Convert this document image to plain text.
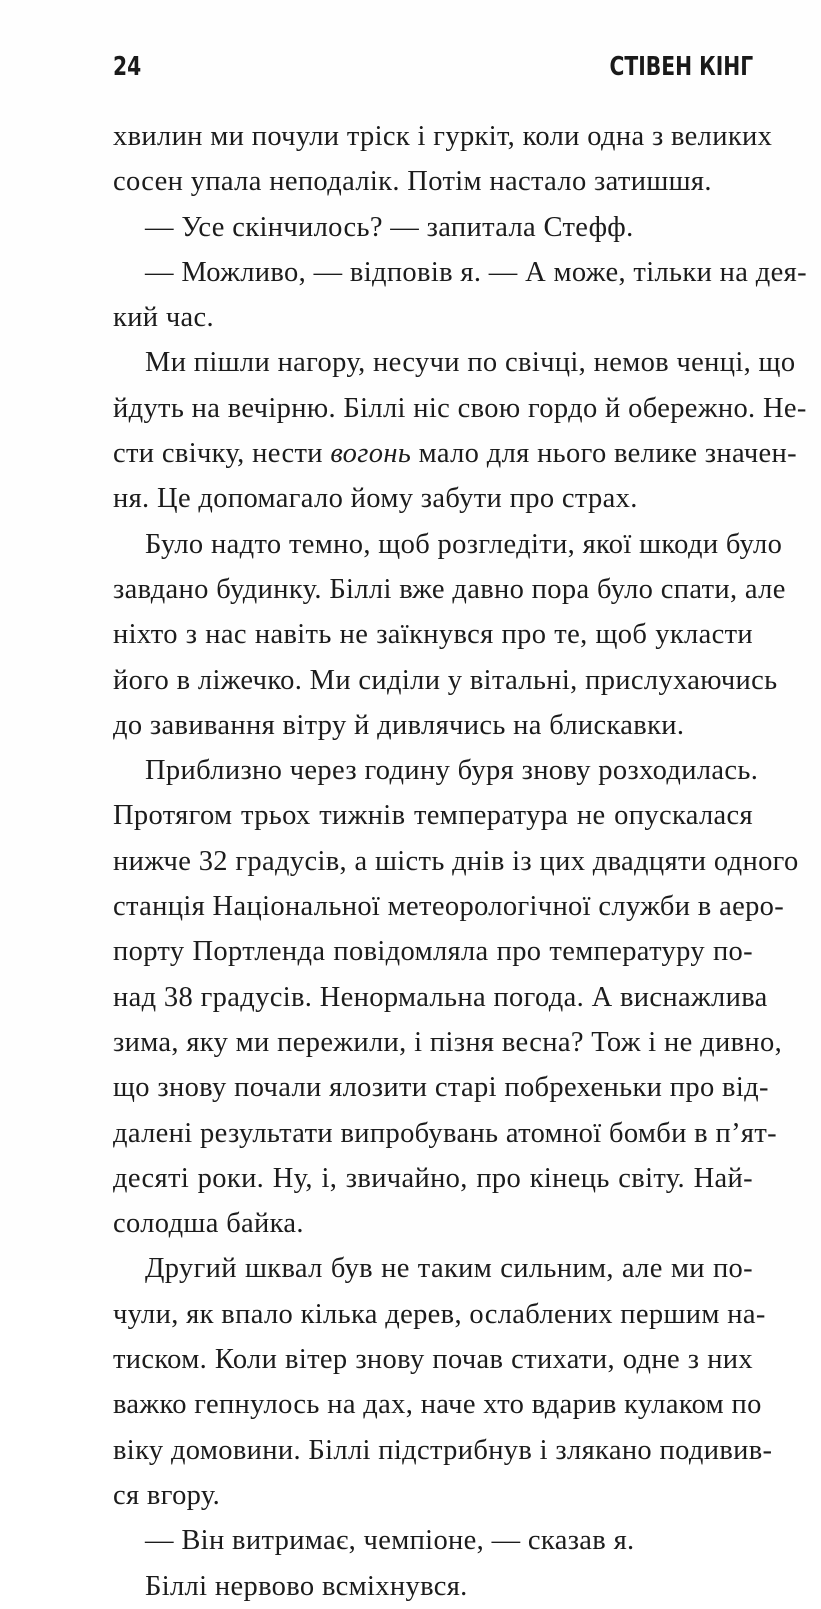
24	СТІВЕН КІНГ

хвилин ми почули тріск і гуркіт, коли одна з великих
сосен упала неподалік. Потім настало затишшя.

— Усе скінчилось? — запитала Стефф.

— Можливо, — відповів я. — А може, тільки на дея-
кий час.

Ми пішли нагору, несучи по свічці, немов ченці, що
йдуть на вечірню. Біллі ніс свою гордо й обережно. Не-
сти свічку, нести вогонь мало для нього велике значен-
ня. Це допомагало йому забути про страх.

Було надто темно, щоб розгледіти, якої шкоди було
завдано будинку. Біллі вже давно пора було спати, але
ніхто з нас навіть не заїкнувся про те, щоб укласти
його в ліжечко. Ми сиділи у вітальні, прислухаючись
до завивання вітру й дивлячись на блискавки.

Приблизно через годину буря знову розходилась.
Протягом трьох тижнів температура не опускалася
нижче 32 градусів, а шість днів із цих двадцяти одного
станція Національної метеорологічної служби в аеро-
порту Портленда повідомляла про температуру по-
над 38 градусів. Ненормальна погода. А виснажлива
зима, яку ми пережили, і пізня весна? Тож і не дивно,
що знову почали ялозити старі побрехеньки про від-
далені результати випробувань атомної бомби в п’ят-
десяті роки. Ну, і, звичайно, про кінець світу. Най-
солодша байка.

Другий шквал був не таким сильним, але ми по-
чули, як впало кілька дерев, ослаблених першим на-
тиском. Коли вітер знову почав стихати, одне з них
важко гепнулось на дах, наче хто вдарив кулаком по
віку домовини. Біллі підстрибнув і злякано подивив-
ся вгору.

— Він витримає, чемпіоне, — сказав я.

Біллі нервово всміхнувся.
